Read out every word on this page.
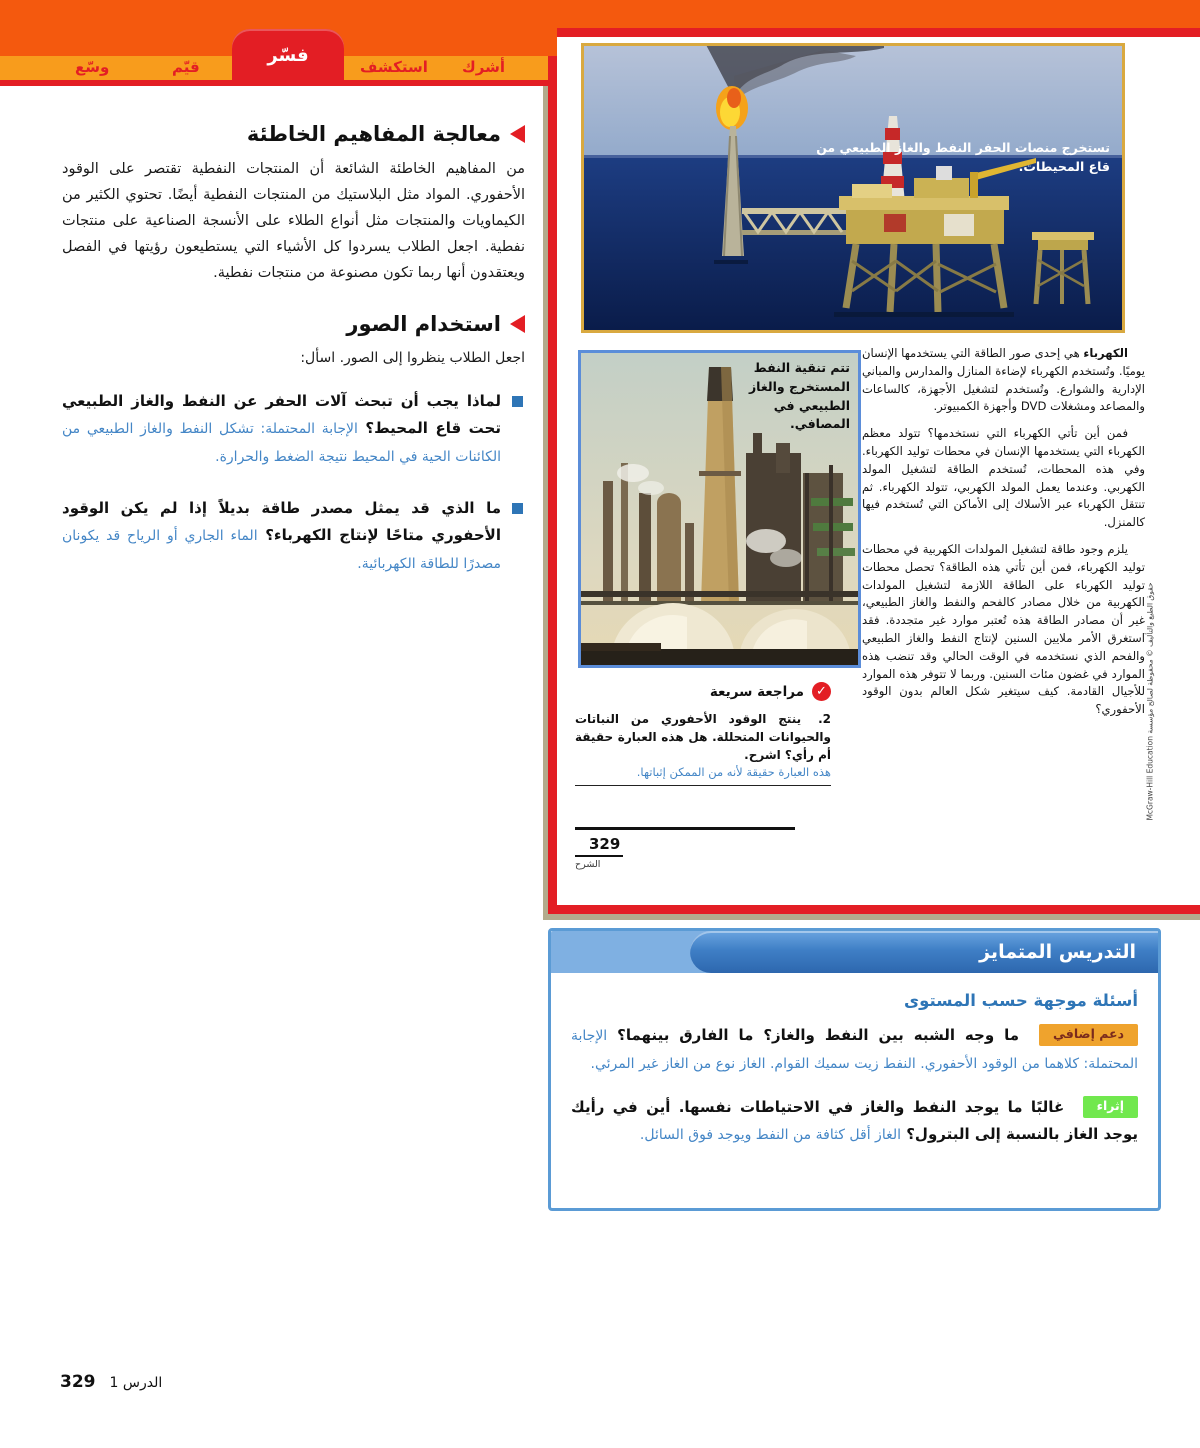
وسّع	قيّم
فسّر
استكشف أشرك
معالجة المفاهيم الخاطئة

من المفاهيم الخاطئة الشائعة أن المنتجات النفطية تقتصر على الوقود الأحفوري. المواد مثل البلاستيك من المنتجات النفطية أيضًا. تحتوي الكثير من الكيماويات والمنتجات مثل أنواع الطلاء على الأنسجة الصناعية على منتجات نفطية. اجعل الطلاب يسردوا كل الأشياء التي يستطيعون رؤيتها في الفصل ويعتقدون أنها ربما تكون مصنوعة من منتجات نفطية.

استخدام الصور

اجعل الطلاب ينظروا إلى الصور. اسأل:

لماذا يجب أن تبحث آلات الحفر عن النفط والغاز الطبيعي تحت قاع المحيط؟ الإجابة المحتملة: تشكل النفط والغاز الطبيعي من الكائنات الحية في المحيط نتيجة الضغط والحرارة.
ما الذي قد يمثل مصدر طاقة بديلاً إذا لم يكن الوقود الأحفوري متاحًا لإنتاج الكهرباء؟ الماء الجاري أو الرياح قد يكونان مصدرًا للطاقة الكهربائية.
تستخرج منصات الحفر النفط والغاز الطبيعي من قاع المحيطات.
تتم تنقية النفط المستخرج والغاز الطبيعي في المصافي.

الكهرباء هي إحدى صور الطاقة التي يستخدمها الإنسان يوميًا. وتُستخدم الكهرباء لإضاءة المنازل والمدارس والمباني الإدارية والشوارع. وتُستخدم لتشغيل الأجهزة، كالساعات والمصاعد ومشغلات DVD وأجهزة الكمبيوتر.

فمن أين تأتي الكهرباء التي نستخدمها؟ تتولد معظم الكهرباء التي يستخدمها الإنسان في محطات توليد الكهرباء. وفي هذه المحطات، تُستخدم الطاقة لتشغيل المولد الكهربي. وعندما يعمل المولد الكهربي، تتولد الكهرباء. ثم تنتقل الكهرباء عبر الأسلاك إلى الأماكن التي تُستخدم فيها كالمنزل.

يلزم وجود طاقة لتشغيل المولدات الكهربية في محطات توليد الكهرباء، فمن أين تأتي هذه الطاقة؟ تحصل محطات توليد الكهرباء على الطاقة اللازمة لتشغيل المولدات الكهربية من خلال مصادر كالفحم والنفط والغاز الطبيعي، غير أن مصادر الطاقة هذه تُعتبر موارد غير متجددة. فقد استغرق الأمر ملايين السنين لإنتاج النفط والغاز الطبيعي والفحم الذي نستخدمه في الوقت الحالي وقد تنضب هذه الموارد في غضون مئات السنين. وربما لا تتوفر هذه الموارد للأجيال القادمة. كيف سيتغير شكل العالم بدون الوقود الأحفوري؟

✓
مراجعة سريعة
2. ينتج الوقود الأحفوري من النباتات والحيوانات المتحللة. هل هذه العبارة حقيقة أم رأي؟ اشرح.
هذه العبارة حقيقة لأنه من الممكن إثباتها.
329
الشرح
حقوق الطبع والتأليف © محفوظة لصالح مؤسسة McGraw-Hill Education
التدريس المتمايز
أسئلة موجهة حسب المستوى

دعم إضافي ما وجه الشبه بين النفط والغاز؟ ما الفارق بينهما؟ الإجابة المحتملة: كلاهما من الوقود الأحفوري. النفط زيت سميك القوام. الغاز نوع من الغاز غير المرئي.

إثراء غالبًا ما يوجد النفط والغاز في الاحتياطات نفسها. أين في رأيك يوجد الغاز بالنسبة إلى البترول؟ الغاز أقل كثافة من النفط ويوجد فوق السائل.

329 الدرس 1
